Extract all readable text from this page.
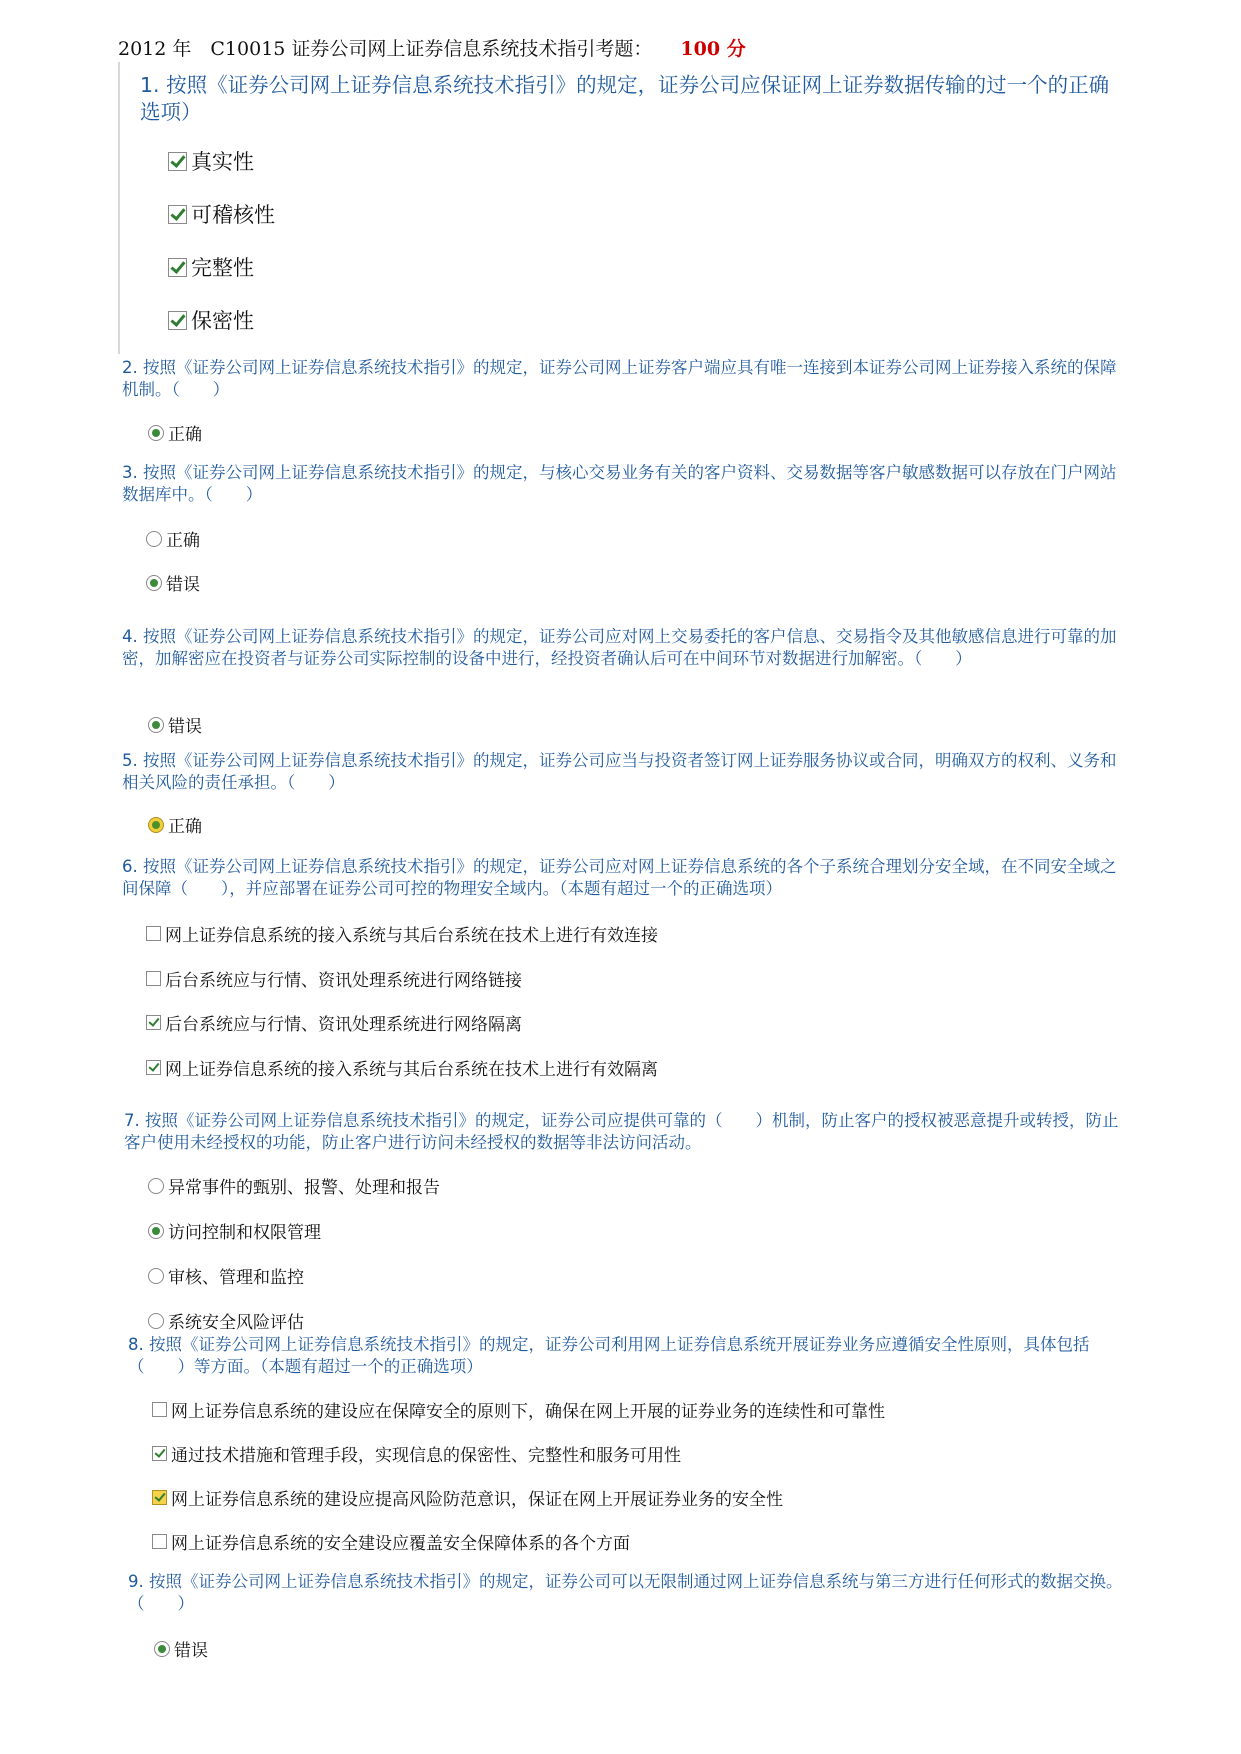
2012 年　C10015 证券公司网上证券信息系统技术指引考题： 100 分
1. 按照《证券公司网上证券信息系统技术指引》的规定，证券公司应保证网上证券数据传输的过一个的正确选项）
真实性
可稽核性
完整性
保密性
2. 按照《证券公司网上证券信息系统技术指引》的规定，证券公司网上证券客户端应具有唯一连接到本证券公司网上证券接入系统的保障机制。（　　）
正确
3. 按照《证券公司网上证券信息系统技术指引》的规定，与核心交易业务有关的客户资料、交易数据等客户敏感数据可以存放在门户网站数据库中。（　　）
正确
错误
4. 按照《证券公司网上证券信息系统技术指引》的规定，证券公司应对网上交易委托的客户信息、交易指令及其他敏感信息进行可靠的加密，加解密应在投资者与证券公司实际控制的设备中进行，经投资者确认后可在中间环节对数据进行加解密。（　　）
错误
5. 按照《证券公司网上证券信息系统技术指引》的规定，证券公司应当与投资者签订网上证券服务协议或合同，明确双方的权利、义务和相关风险的责任承担。（　　）
正确
6. 按照《证券公司网上证券信息系统技术指引》的规定，证券公司应对网上证券信息系统的各个子系统合理划分安全域，在不同安全域之间保障（　　），并应部署在证券公司可控的物理安全域内。（本题有超过一个的正确选项）
网上证券信息系统的接入系统与其后台系统在技术上进行有效连接
后台系统应与行情、资讯处理系统进行网络链接
后台系统应与行情、资讯处理系统进行网络隔离
网上证券信息系统的接入系统与其后台系统在技术上进行有效隔离
7. 按照《证券公司网上证券信息系统技术指引》的规定，证券公司应提供可靠的（　　）机制，防止客户的授权被恶意提升或转授，防止客户使用未经授权的功能，防止客户进行访问未经授权的数据等非法访问活动。
异常事件的甄别、报警、处理和报告
访问控制和权限管理
审核、管理和监控
系统安全风险评估
8. 按照《证券公司网上证券信息系统技术指引》的规定，证券公司利用网上证券信息系统开展证券业务应遵循安全性原则，具体包括（　　）等方面。（本题有超过一个的正确选项）
网上证券信息系统的建设应在保障安全的原则下，确保在网上开展的证券业务的连续性和可靠性
通过技术措施和管理手段，实现信息的保密性、完整性和服务可用性
网上证券信息系统的建设应提高风险防范意识，保证在网上开展证券业务的安全性
网上证券信息系统的安全建设应覆盖安全保障体系的各个方面
9. 按照《证券公司网上证券信息系统技术指引》的规定，证券公司可以无限制通过网上证券信息系统与第三方进行任何形式的数据交换。（　　）
错误
